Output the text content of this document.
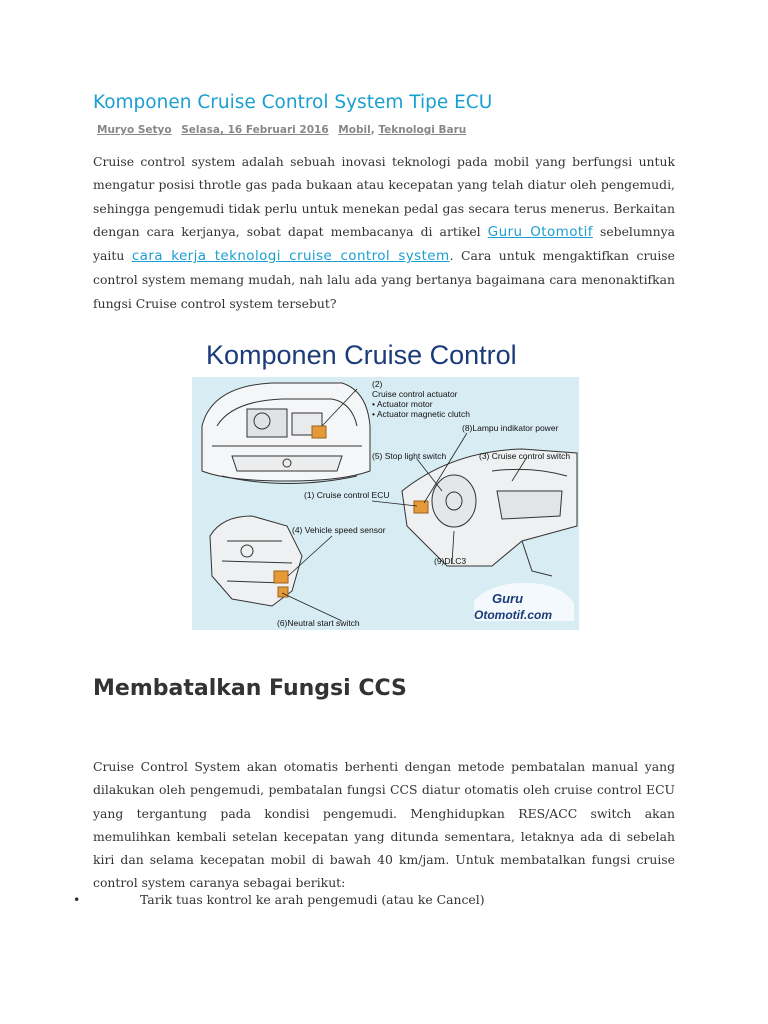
Komponen Cruise Control System Tipe ECU
Muryo Setyo Selasa, 16 Februari 2016 Mobil, Teknologi Baru

Cruise control system adalah sebuah inovasi teknologi pada mobil yang berfungsi untuk mengatur posisi throtle gas pada bukaan atau kecepatan yang telah diatur oleh pengemudi, sehingga pengemudi tidak perlu untuk menekan pedal gas secara terus menerus. Berkaitan dengan cara kerjanya, sobat dapat membacanya di artikel Guru Otomotif sebelumnya yaitu cara kerja teknologi cruise control system. Cara untuk mengaktifkan cruise control system memang mudah, nah lalu ada yang bertanya bagaimana cara menonaktifkan fungsi Cruise control system tersebut?

Komponen Cruise Control
(2)
Cruise control actuator
• Actuator motor
• Actuator magnetic clutch
(8)Lampu indikator power
(5) Stop light switch	(3) Cruise control switch
(1) Cruise control ECU
(4) Vehicle speed sensor
(9)DLC3
(6)Neutral start switch
Guru
Otomotif.com
Membatalkan Fungsi CCS

Cruise Control System akan otomatis berhenti dengan metode pembatalan manual yang dilakukan oleh pengemudi, pembatalan fungsi CCS diatur otomatis oleh cruise control ECU yang tergantung pada kondisi pengemudi. Menghidupkan RES/ACC switch akan memulihkan kembali setelan kecepatan yang ditunda sementara, letaknya ada di sebelah kiri dan selama kecepatan mobil di bawah 40 km/jam. Untuk membatalkan fungsi cruise control system caranya sebagai berikut:

•	Tarik tuas kontrol ke arah pengemudi (atau ke Cancel)
